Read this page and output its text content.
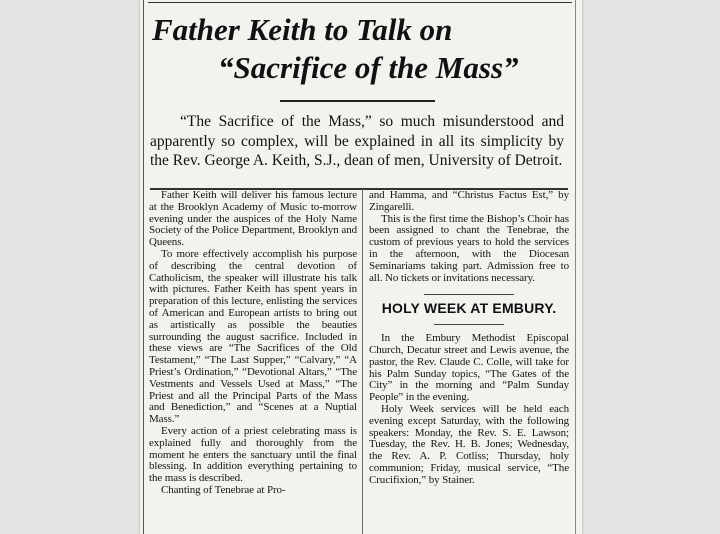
Father Keith to Talk on
“Sacrifice of the Mass”
“The Sacrifice of the Mass,” so much misunderstood and apparently so complex, will be explained in all its simplicity by the Rev. George A. Keith, S.J., dean of men, University of Detroit.

Father Keith will deliver his famous lecture at the Brooklyn Academy of Music to-morrow evening under the auspices of the Holy Name Society of the Police Department, Brooklyn and Queens.

To more effectively accomplish his purpose of describing the central devotion of Catholicism, the speaker will illustrate his talk with pictures. Father Keith has spent years in preparation of this lecture, enlisting the services of American and European artists to bring out as artistically as possible the beauties surrounding the august sacrifice. Included in these views are “The Sacrifices of the Old Testament,” “The Last Supper,” “Calvary,” “A Priest’s Ordination,” “Devotional Altars,” “The Vestments and Vessels Used at Mass,” “The Priest and all the Principal Parts of the Mass and Benediction,” and “Scenes at a Nuptial Mass.”

Every action of a priest celebrating mass is explained fully and thoroughly from the moment he enters the sanctuary until the final blessing. In addition everything pertaining to the mass is described.

Chanting of Tenebrae at Pro-

and Hamma, and “Christus Factus Est,” by Zingarelli.

This is the first time the Bishop’s Choir has been assigned to chant the Tenebrae, the custom of previous years to hold the services in the afternoon, with the Diocesan Seminariams taking part. Admission free to all. No tickets or invitations necessary.

HOLY WEEK AT EMBURY.

In the Embury Methodist Episcopal Church, Decatur street and Lewis avenue, the pastor, the Rev. Claude C. Colle, will take for his Palm Sunday topics, “The Gates of the City” in the morning and “Palm Sunday People” in the evening.

Holy Week services will be held each evening except Saturday, with the following speakers: Monday, the Rev. S. E. Lawson; Tuesday, the Rev. H. B. Jones; Wednesday, the Rev. A. P. Cotliss; Thursday, holy communion; Friday, musical service, “The Crucifixion,” by Stainer.
